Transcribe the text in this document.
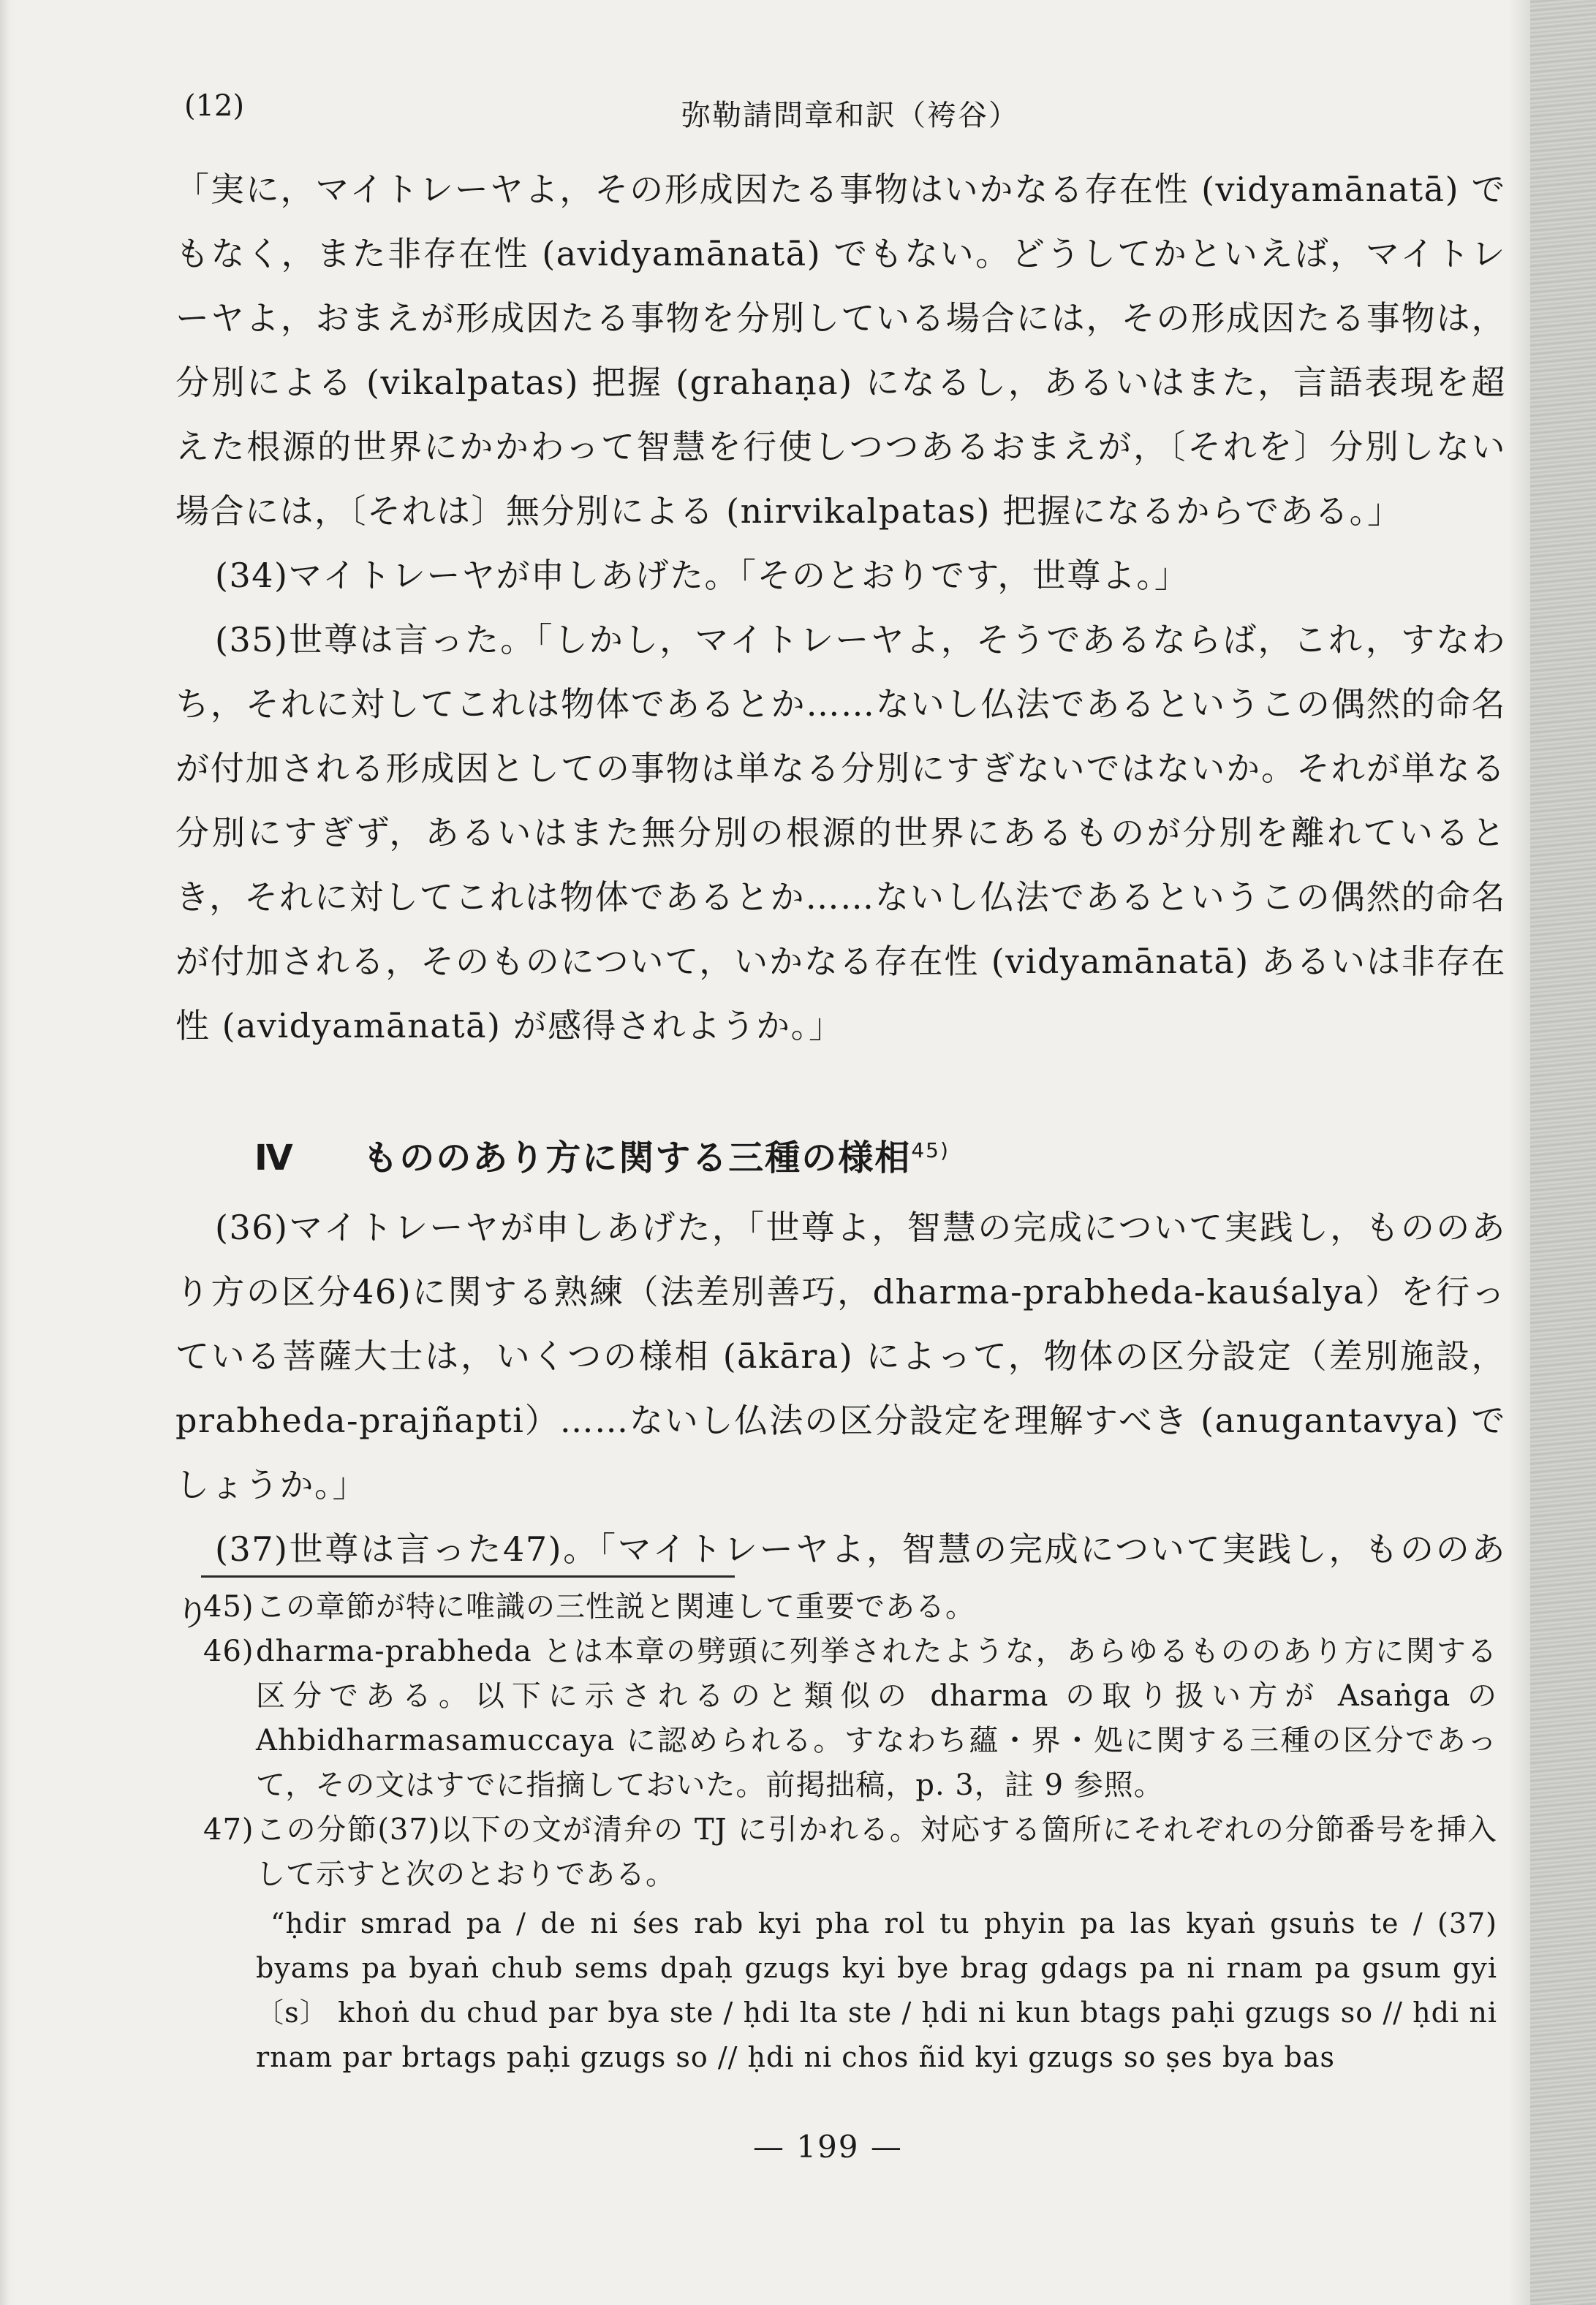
(12)	弥勒請問章和訳（袴谷）

「実に，マイトレーヤよ，その形成因たる事物はいかなる存在性 (vidyamānatā) でもなく，また非存在性 (avidyamānatā) でもない。どうしてかといえば，マイトレーヤよ，おまえが形成因たる事物を分別している場合には，その形成因たる事物は，分別による (vikalpatas) 把握 (grahaṇa) になるし，あるいはまた，言語表現を超えた根源的世界にかかわって智慧を行使しつつあるおまえが，〔それを〕分別しない場合には，〔それは〕無分別による (nirvikalpatas) 把握になるからである。」

(34)マイトレーヤが申しあげた。「そのとおりです，世尊よ。」

(35)世尊は言った。「しかし，マイトレーヤよ，そうであるならば，これ，すなわち，それに対してこれは物体であるとか……ないし仏法であるというこの偶然的命名が付加される形成因としての事物は単なる分別にすぎないではないか。それが単なる分別にすぎず，あるいはまた無分別の根源的世界にあるものが分別を離れているとき，それに対してこれは物体であるとか……ないし仏法であるというこの偶然的命名が付加される，そのものについて，いかなる存在性 (vidyamānatā) あるいは非存在性 (avidyamānatā) が感得されようか。」

Ⅳ もののあり方に関する三種の様相$^{45)}$

(36)マイトレーヤが申しあげた，「世尊よ，智慧の完成について実践し，もののあり方の区分46)に関する熟練（法差別善巧，dharma-prabheda-kauśalya）を行っている菩薩大士は，いくつの様相 (ākāra) によって，物体の区分設定（差別施設，prabheda-prajñapti）……ないし仏法の区分設定を理解すべき (anugantavya) でしょうか。」

(37)世尊は言った47)。「マイトレーヤよ，智慧の完成について実践し，もののあり

45) この章節が特に唯識の三性説と関連して重要である。

46) dharma-prabheda とは本章の劈頭に列挙されたような，あらゆるもののあり方に関する区分である。以下に示されるのと類似の dharma の取り扱い方が Asaṅga の Ahbidharmasamuccaya に認められる。すなわち蘊・界・処に関する三種の区分であって，その文はすでに指摘しておいた。前掲拙稿，p. 3，註 9 参照。

47) この分節(37)以下の文が清弁の TJ に引かれる。対応する箇所にそれぞれの分節番号を挿入して示すと次のとおりである。

“ḥdir smrad pa / de ni śes rab kyi pha rol tu phyin pa las kyaṅ gsuṅs te / (37) byams pa byaṅ chub sems dpaḥ gzugs kyi bye brag gdags pa ni rnam pa gsum gyi〔s〕 khoṅ du chud par bya ste / ḥdi lta ste / ḥdi ni kun btags paḥi gzugs so // ḥdi ni rnam par brtags paḥi gzugs so // ḥdi ni chos ñid kyi gzugs so ṣes bya bas

— 199 —
